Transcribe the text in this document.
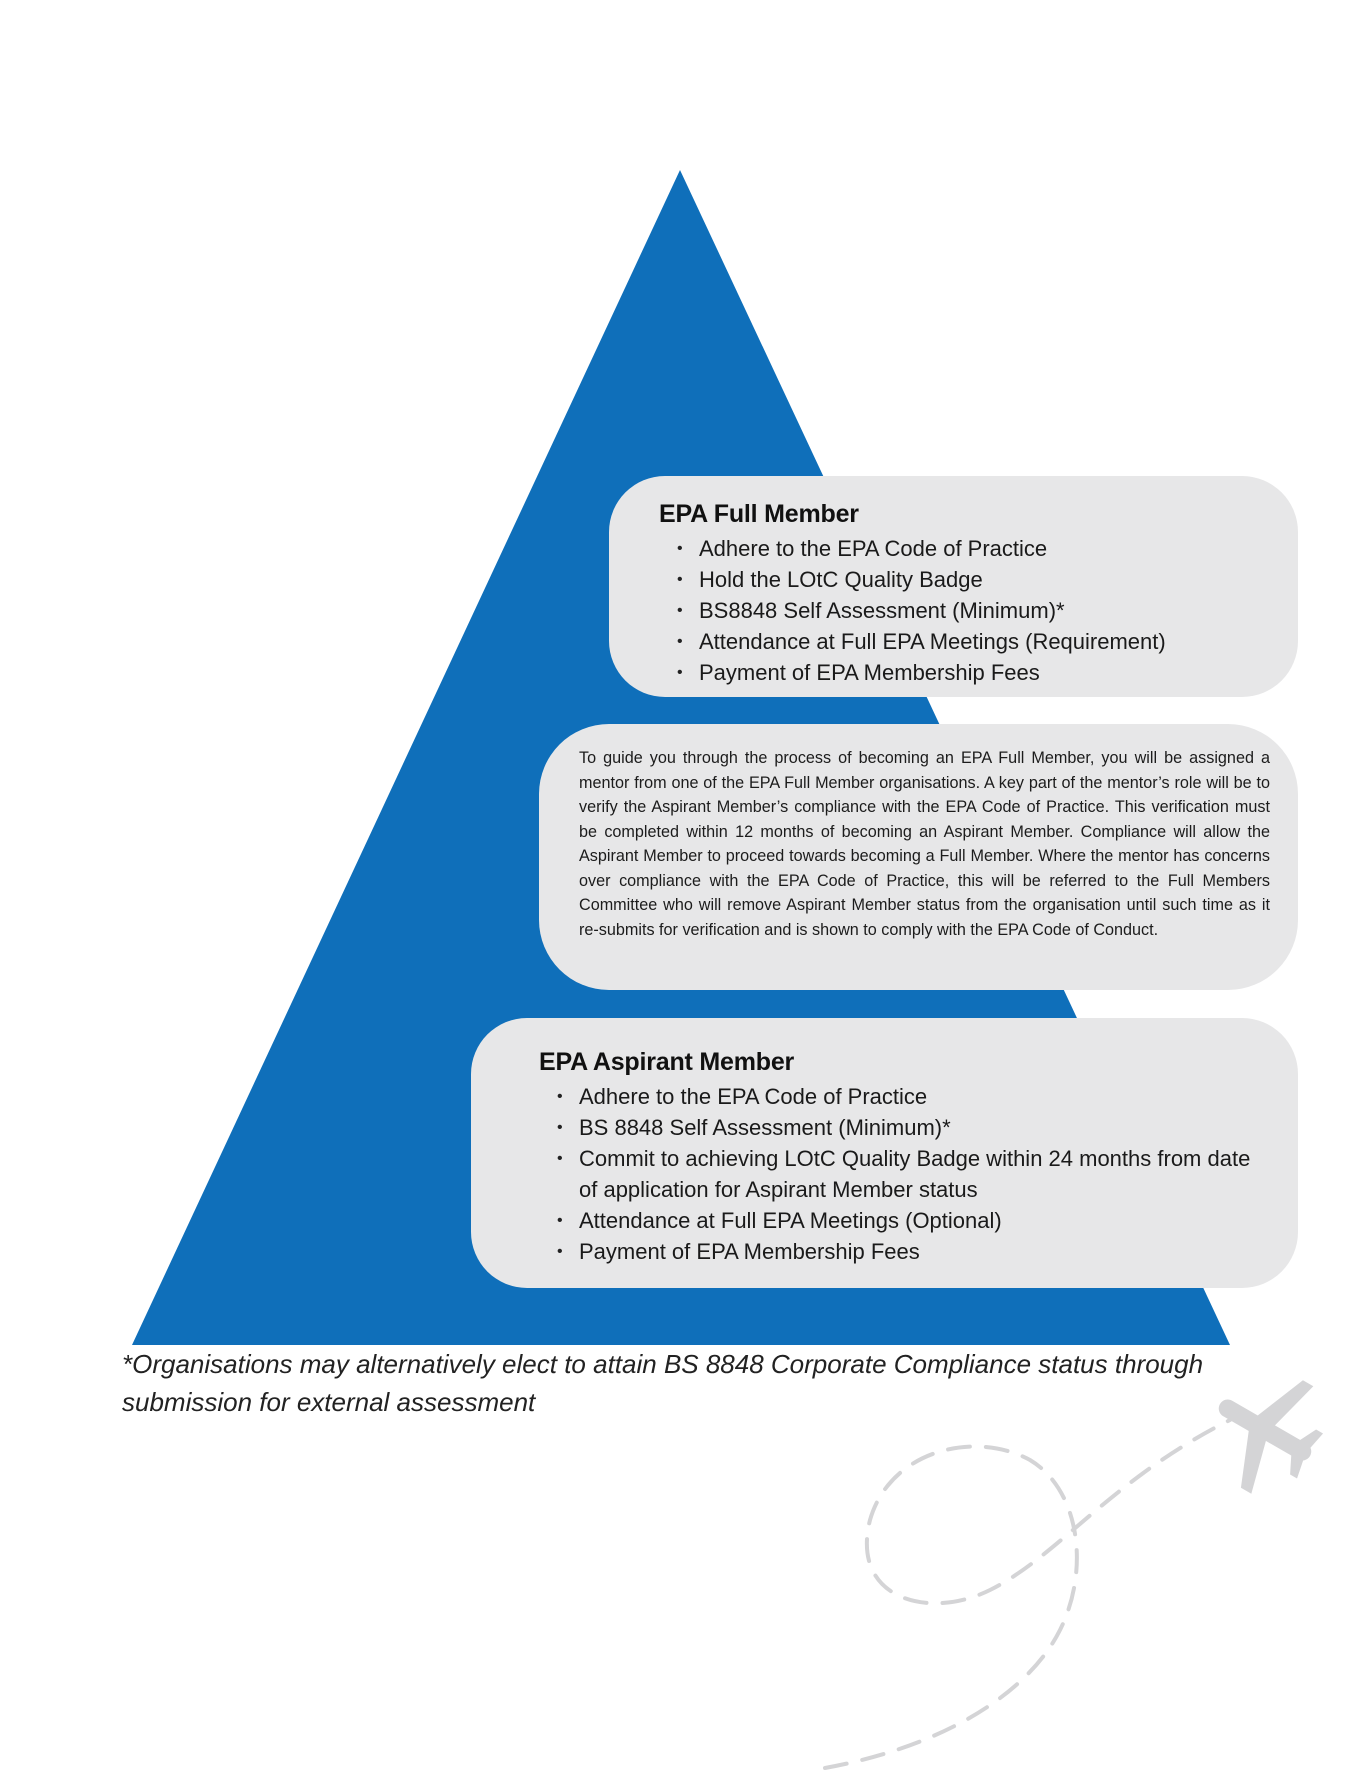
EPA Full Member
• Adhere to the EPA Code of Practice
• Hold the LOtC Quality Badge
• BS8848 Self Assessment (Minimum)*
• Attendance at Full EPA Meetings (Requirement)
• Payment of EPA Membership Fees

To guide you through the process of becoming an EPA Full Member, you will be assigned a mentor from one of the EPA Full Member organisations. A key part of the mentor’s role will be to verify the Aspirant Member’s compliance with the EPA Code of Practice. This verification must be completed within 12 months of becoming an Aspirant Member. Compliance will allow the Aspirant Member to proceed towards becoming a Full Member. Where the mentor has concerns over compliance with the EPA Code of Practice, this will be referred to the Full Members Committee who will remove Aspirant Member status from the organisation until such time as it re-submits for verification and is shown to comply with the EPA Code of Conduct.

EPA Aspirant Member
• Adhere to the EPA Code of Practice
• BS 8848 Self Assessment (Minimum)*
• Commit to achieving LOtC Quality Badge within 24 months from date of application for Aspirant Member status
• Attendance at Full EPA Meetings (Optional)
• Payment of EPA Membership Fees

*Organisations may alternatively elect to attain BS 8848 Corporate Compliance status through submission for external assessment
